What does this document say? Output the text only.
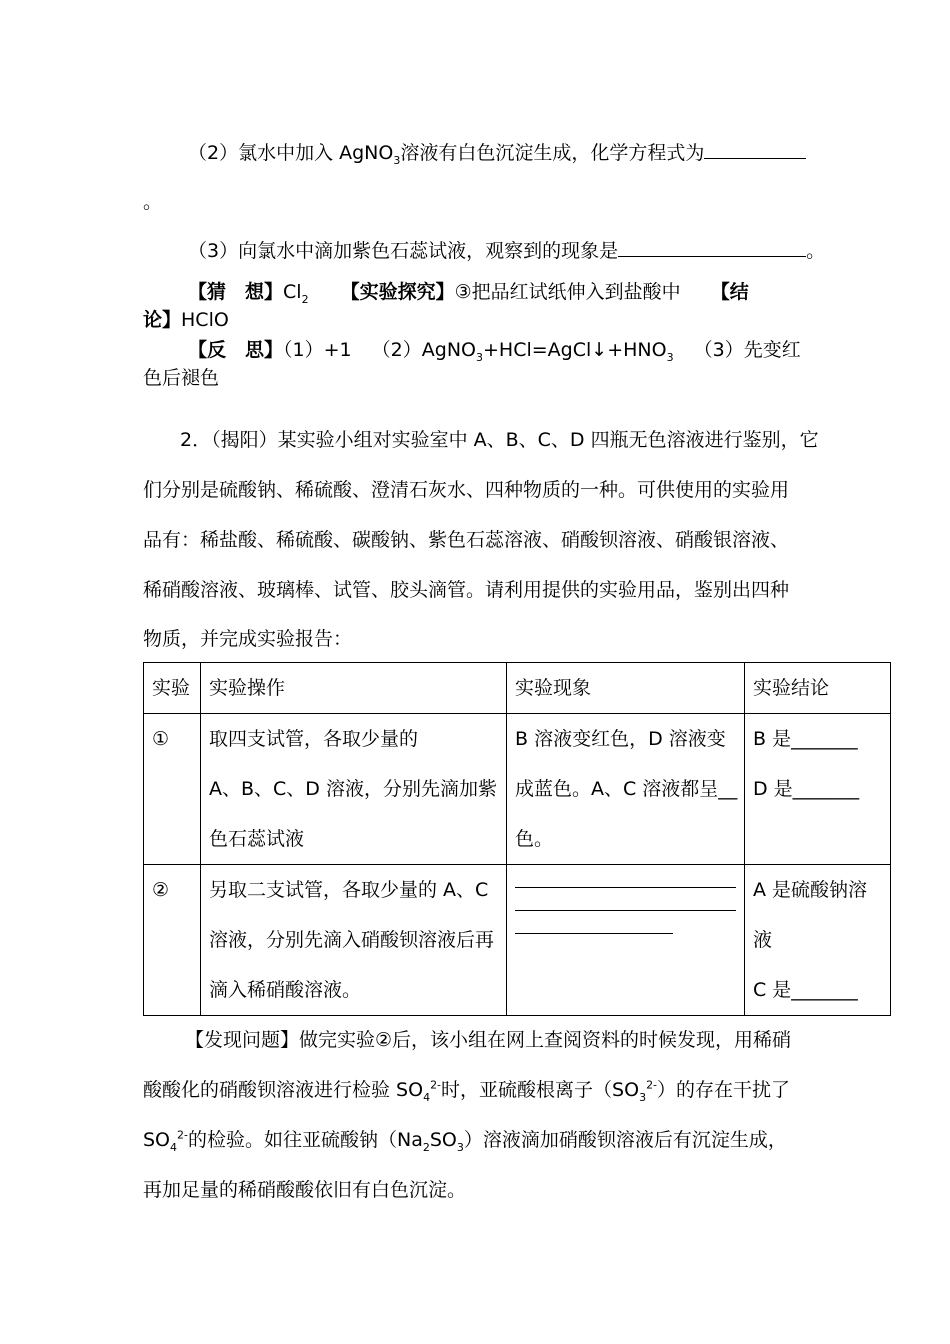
（2）氯水中加入 AgNO$_3$溶液有白色沉淀生成，化学方程式为
。
（3）向氯水中滴加紫色石蕊试液，观察到的现象是	。
【猜　想】$Cl_2$ 【实验探究】③把品红试纸伸入到盐酸中 【结
论】HClO
【反　思】（1）+1 $(2)AgNO_3+HCl=AgCl↓+HNO_3$ （3）先变红
色后褪色
2．（揭阳）某实验小组对实验室中 A、B、C、D 四瓶无色溶液进行鉴别，它
们分别是硫酸钠、稀硫酸、澄清石灰水、四种物质的一种。可供使用的实验用
品有：稀盐酸、稀硫酸、碳酸钠、紫色石蕊溶液、硝酸钡溶液、硝酸银溶液、
稀硝酸溶液、玻璃棒、试管、胶头滴管。请利用提供的实验用品，鉴别出四种
物质，并完成实验报告：
实验	实验操作	实验现象	实验结论
①	取四支试管，各取少量的
A、B、C、D 溶液，分别先滴加紫
色石蕊试液	B 溶液变红色，D 溶液变
成蓝色。A、C 溶液都呈__
色。	B 是_______
D 是_______

②	另取二支试管，各取少量的 A、C
溶液，分别先滴入硝酸钡溶液后再
滴入稀硝酸溶液。		A 是硫酸钠溶
液
C 是_______
【发现问题】做完实验②后，该小组在网上查阅资料的时候发现，用稀硝
酸酸化的硝酸钡溶液进行检验 $SO_4^{2-}$时，亚硫酸根离子$(SO_3^{2-})$的存在干扰了
$SO_4^{2-}$的检验。如往亚硫酸钠$(Na_2SO_3)$溶液滴加硝酸钡溶液后有沉淀生成，
再加足量的稀硝酸酸依旧有白色沉淀。
